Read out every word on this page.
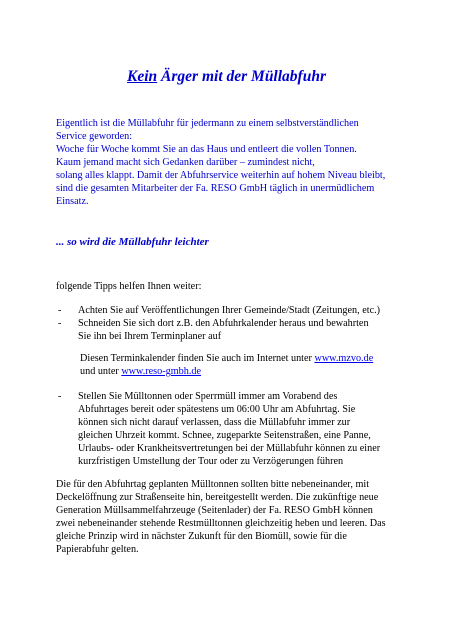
Kein Ärger mit der Müllabfuhr
Eigentlich ist die Müllabfuhr für jedermann zu einem selbstverständlichen
Service geworden:
Woche für Woche kommt Sie an das Haus und entleert die vollen Tonnen.
Kaum jemand macht sich Gedanken darüber – zumindest nicht,
solang alles klappt. Damit der Abfuhrservice weiterhin auf hohem Niveau bleibt,
sind die gesamten Mitarbeiter der Fa. RESO GmbH täglich in unermüdlichem
Einsatz.
... so wird die Müllabfuhr leichter
folgende Tipps helfen Ihnen weiter:
-	Achten Sie auf Veröffentlichungen Ihrer Gemeinde/Stadt (Zeitungen, etc.)
-	Schneiden Sie sich dort z.B. den Abfuhrkalender heraus und bewahrten
Sie ihn bei Ihrem Terminplaner auf
Diesen Terminkalender finden Sie auch im Internet unter www.mzvo.de
und unter www.reso-gmbh.de
-	Stellen Sie Mülltonnen oder Sperrmüll immer am Vorabend des
Abfuhrtages bereit oder spätestens um 06:00 Uhr am Abfuhrtag. Sie
können sich nicht darauf verlassen, dass die Müllabfuhr immer zur
gleichen Uhrzeit kommt. Schnee, zugeparkte Seitenstraßen, eine Panne,
Urlaubs- oder Krankheitsvertretungen bei der Müllabfuhr können zu einer
kurzfristigen Umstellung der Tour oder zu Verzögerungen führen
Die für den Abfuhrtag geplanten Mülltonnen sollten bitte nebeneinander, mit
Deckelöffnung zur Straßenseite hin, bereitgestellt werden. Die zukünftige neue
Generation Müllsammelfahrzeuge (Seitenlader) der Fa. RESO GmbH können
zwei nebeneinander stehende Restmülltonnen gleichzeitig heben und leeren. Das
gleiche Prinzip wird in nächster Zukunft für den Biomüll, sowie für die
Papierabfuhr gelten.
